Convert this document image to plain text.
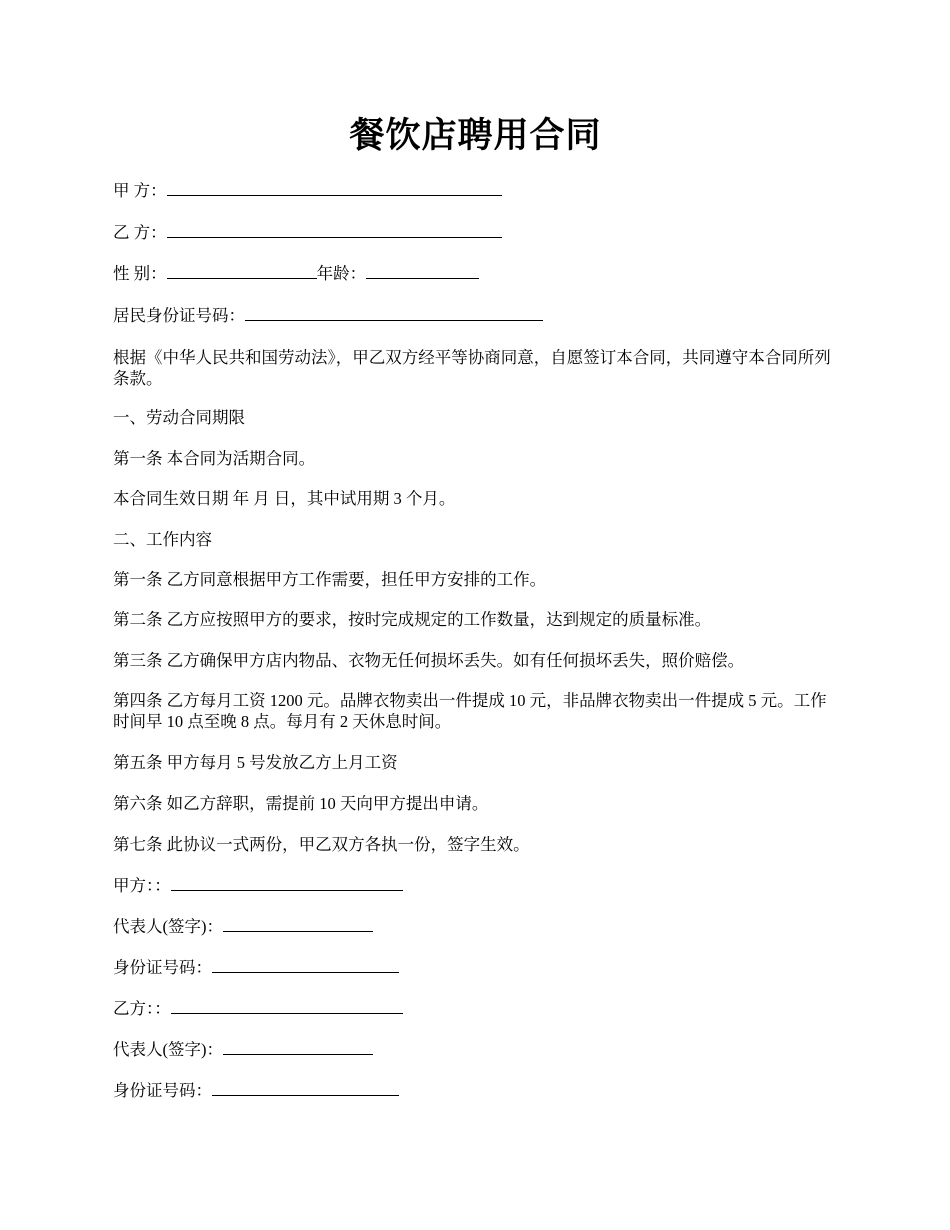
餐饮店聘用合同
甲 方：
乙 方：
性 别：	年龄：
居民身份证号码：
根据《中华人民共和国劳动法》，甲乙双方经平等协商同意，自愿签订本合同，共同遵守本合同所列条款。
一、劳动合同期限
第一条 本合同为活期合同。
本合同生效日期 年 月 日，其中试用期 3 个月。
二、工作内容
第一条 乙方同意根据甲方工作需要，担任甲方安排的工作。
第二条 乙方应按照甲方的要求，按时完成规定的工作数量，达到规定的质量标准。
第三条 乙方确保甲方店内物品、衣物无任何损坏丢失。如有任何损坏丢失，照价赔偿。
第四条 乙方每月工资 1200 元。品牌衣物卖出一件提成 10 元，非品牌衣物卖出一件提成 5 元。工作时间早 10 点至晚 8 点。每月有 2 天休息时间。
第五条 甲方每月 5 号发放乙方上月工资
第六条 如乙方辞职，需提前 10 天向甲方提出申请。
第七条 此协议一式两份，甲乙双方各执一份，签字生效。
甲方：：
代表人(签字)：
身份证号码：
乙方：：
代表人(签字)：
身份证号码：
